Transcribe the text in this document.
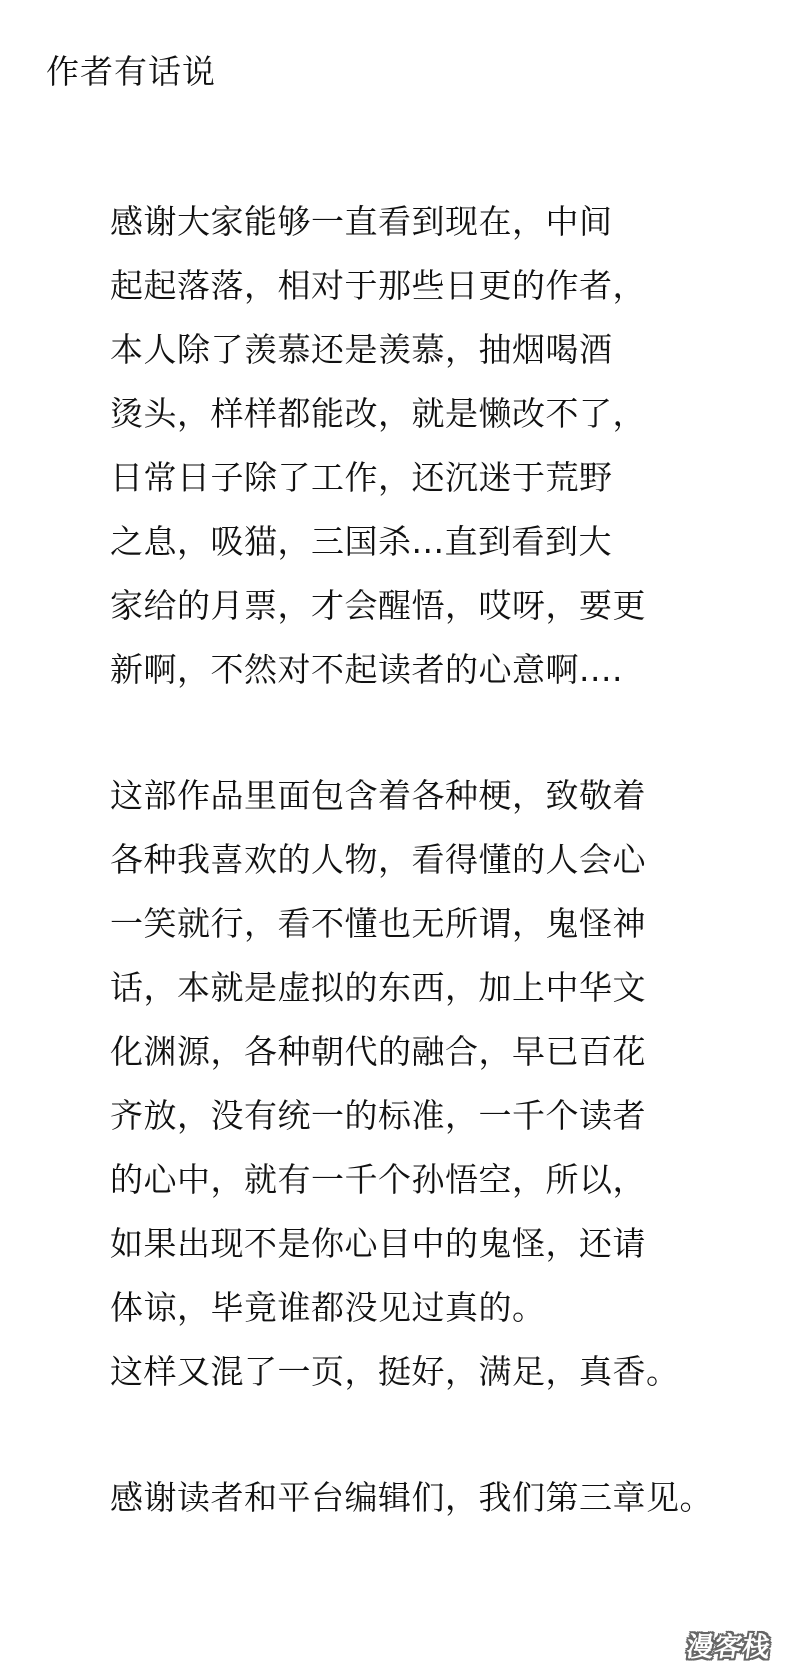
作者有话说
感谢大家能够一直看到现在，中间
起起落落，相对于那些日更的作者，
本人除了羡慕还是羡慕，抽烟喝酒
烫头，样样都能改，就是懒改不了，
日常日子除了工作，还沉迷于荒野
之息，吸猫，三国杀...直到看到大
家给的月票，才会醒悟，哎呀，要更
新啊，不然对不起读者的心意啊....
这部作品里面包含着各种梗，致敬着
各种我喜欢的人物，看得懂的人会心
一笑就行，看不懂也无所谓，鬼怪神
话，本就是虚拟的东西，加上中华文
化渊源，各种朝代的融合，早已百花
齐放，没有统一的标准，一千个读者
的心中，就有一千个孙悟空，所以，
如果出现不是你心目中的鬼怪，还请
体谅，毕竟谁都没见过真的。
这样又混了一页，挺好，满足，真香。
感谢读者和平台编辑们，我们第三章见。
漫客栈
